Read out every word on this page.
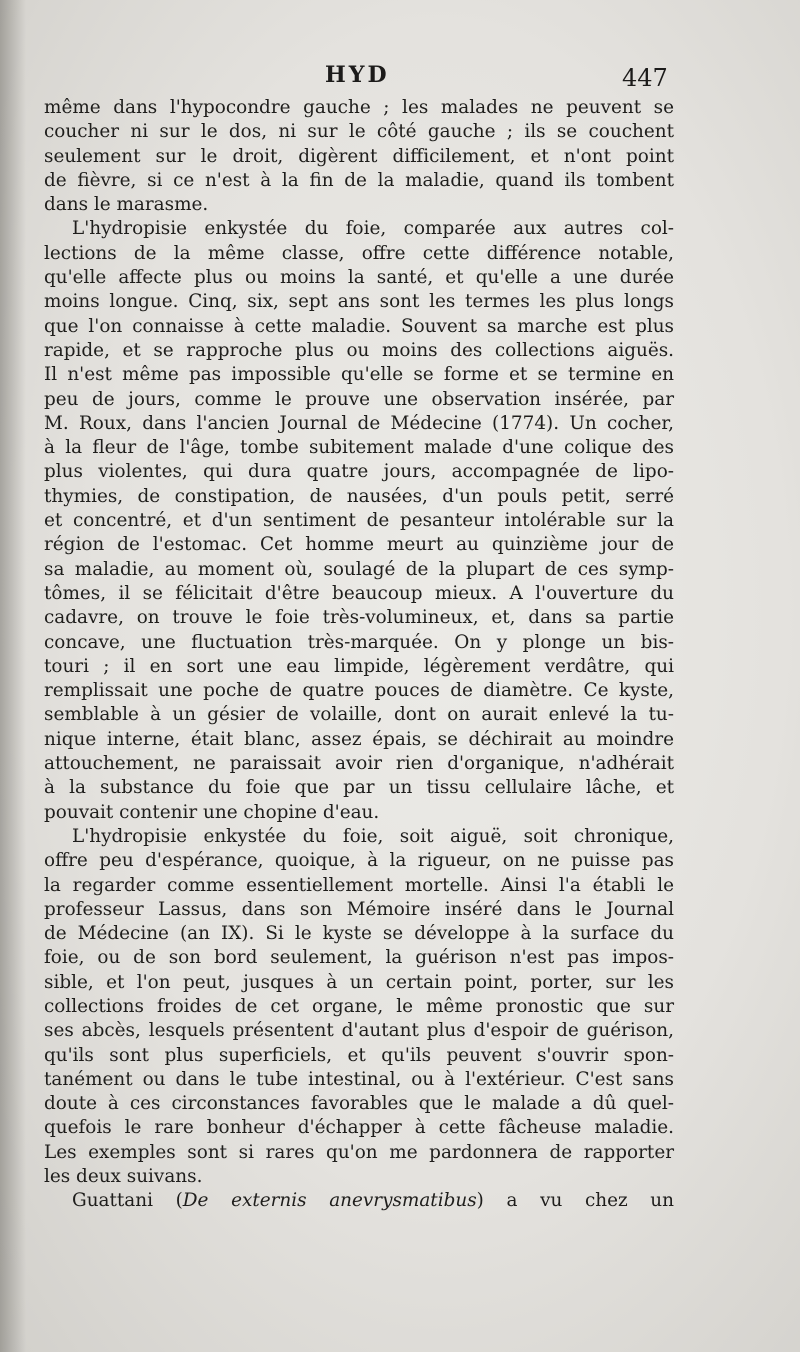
HYD	447
même dans l'hypocondre gauche ; les malades ne peuvent se
coucher ni sur le dos, ni sur le côté gauche ; ils se couchent
seulement sur le droit, digèrent difficilement, et n'ont point
de fièvre, si ce n'est à la fin de la maladie, quand ils tombent
dans le marasme.
L'hydropisie enkystée du foie, comparée aux autres col-
lections de la même classe, offre cette différence notable,
qu'elle affecte plus ou moins la santé, et qu'elle a une durée
moins longue. Cinq, six, sept ans sont les termes les plus longs
que l'on connaisse à cette maladie. Souvent sa marche est plus
rapide, et se rapproche plus ou moins des collections aiguës.
Il n'est même pas impossible qu'elle se forme et se termine en
peu de jours, comme le prouve une observation insérée, par
M. Roux, dans l'ancien Journal de Médecine (1774). Un cocher,
à la fleur de l'âge, tombe subitement malade d'une colique des
plus violentes, qui dura quatre jours, accompagnée de lipo-
thymies, de constipation, de nausées, d'un pouls petit, serré
et concentré, et d'un sentiment de pesanteur intolérable sur la
région de l'estomac. Cet homme meurt au quinzième jour de
sa maladie, au moment où, soulagé de la plupart de ces symp-
tômes, il se félicitait d'être beaucoup mieux. A l'ouverture du
cadavre, on trouve le foie très-volumineux, et, dans sa partie
concave, une fluctuation très-marquée. On y plonge un bis-
touri ; il en sort une eau limpide, légèrement verdâtre, qui
remplissait une poche de quatre pouces de diamètre. Ce kyste,
semblable à un gésier de volaille, dont on aurait enlevé la tu-
nique interne, était blanc, assez épais, se déchirait au moindre
attouchement, ne paraissait avoir rien d'organique, n'adhérait
à la substance du foie que par un tissu cellulaire lâche, et
pouvait contenir une chopine d'eau.
L'hydropisie enkystée du foie, soit aiguë, soit chronique,
offre peu d'espérance, quoique, à la rigueur, on ne puisse pas
la regarder comme essentiellement mortelle. Ainsi l'a établi le
professeur Lassus, dans son Mémoire inséré dans le Journal
de Médecine (an IX). Si le kyste se développe à la surface du
foie, ou de son bord seulement, la guérison n'est pas impos-
sible, et l'on peut, jusques à un certain point, porter, sur les
collections froides de cet organe, le même pronostic que sur
ses abcès, lesquels présentent d'autant plus d'espoir de guérison,
qu'ils sont plus superficiels, et qu'ils peuvent s'ouvrir spon-
tanément ou dans le tube intestinal, ou à l'extérieur. C'est sans
doute à ces circonstances favorables que le malade a dû quel-
quefois le rare bonheur d'échapper à cette fâcheuse maladie.
Les exemples sont si rares qu'on me pardonnera de rapporter
les deux suivans.
Guattani (De externis anevrysmatibus) a vu chez un
